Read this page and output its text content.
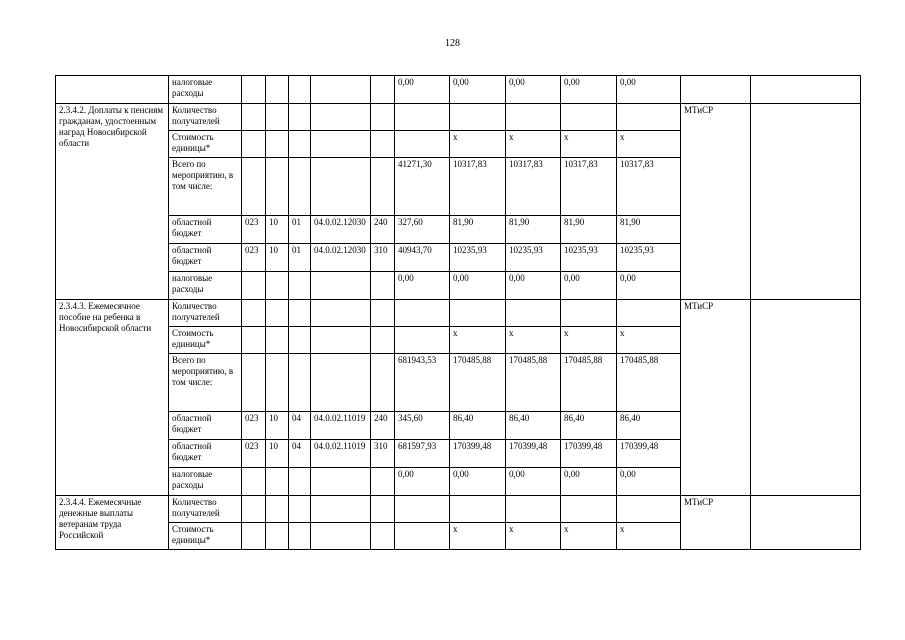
128
	налоговые расходы						0,00	0,00	0,00	0,00	0,00		
2.3.4.2. Доплаты к пенсиям гражданам, удостоенным наград Новосибирской области	Количество получателей											МТиСР	
	Стоимость единицы*							х	х	х	х		
	Всего по мероприятию, в том числе:						41271,30	10317,83	10317,83	10317,83	10317,83		
	областной бюджет	023	10	01	04.0.02.12030	240	327,60	81,90	81,90	81,90	81,90		
	областной бюджет	023	10	01	04.0.02.12030	310	40943,70	10235,93	10235,93	10235,93	10235,93		
	налоговые расходы						0,00	0,00	0,00	0,00	0,00		
2.3.4.3. Ежемесячное пособие на ребенка в Новосибирской области	Количество получателей											МТиСР	
	Стоимость единицы*							х	х	х	х		
	Всего по мероприятию, в том числе:						681943,53	170485,88	170485,88	170485,88	170485,88		
	областной бюджет	023	10	04	04.0.02.11019	240	345,60	86,40	86,40	86,40	86,40		
	областной бюджет	023	10	04	04.0.02.11019	310	681597,93	170399,48	170399,48	170399,48	170399,48		
	налоговые расходы						0,00	0,00	0,00	0,00	0,00		
2.3.4.4. Ежемесячные денежные выплаты ветеранам труда Российской	Количество получателей											МТиСР	
	Стоимость единицы*							х	х	х	х		
